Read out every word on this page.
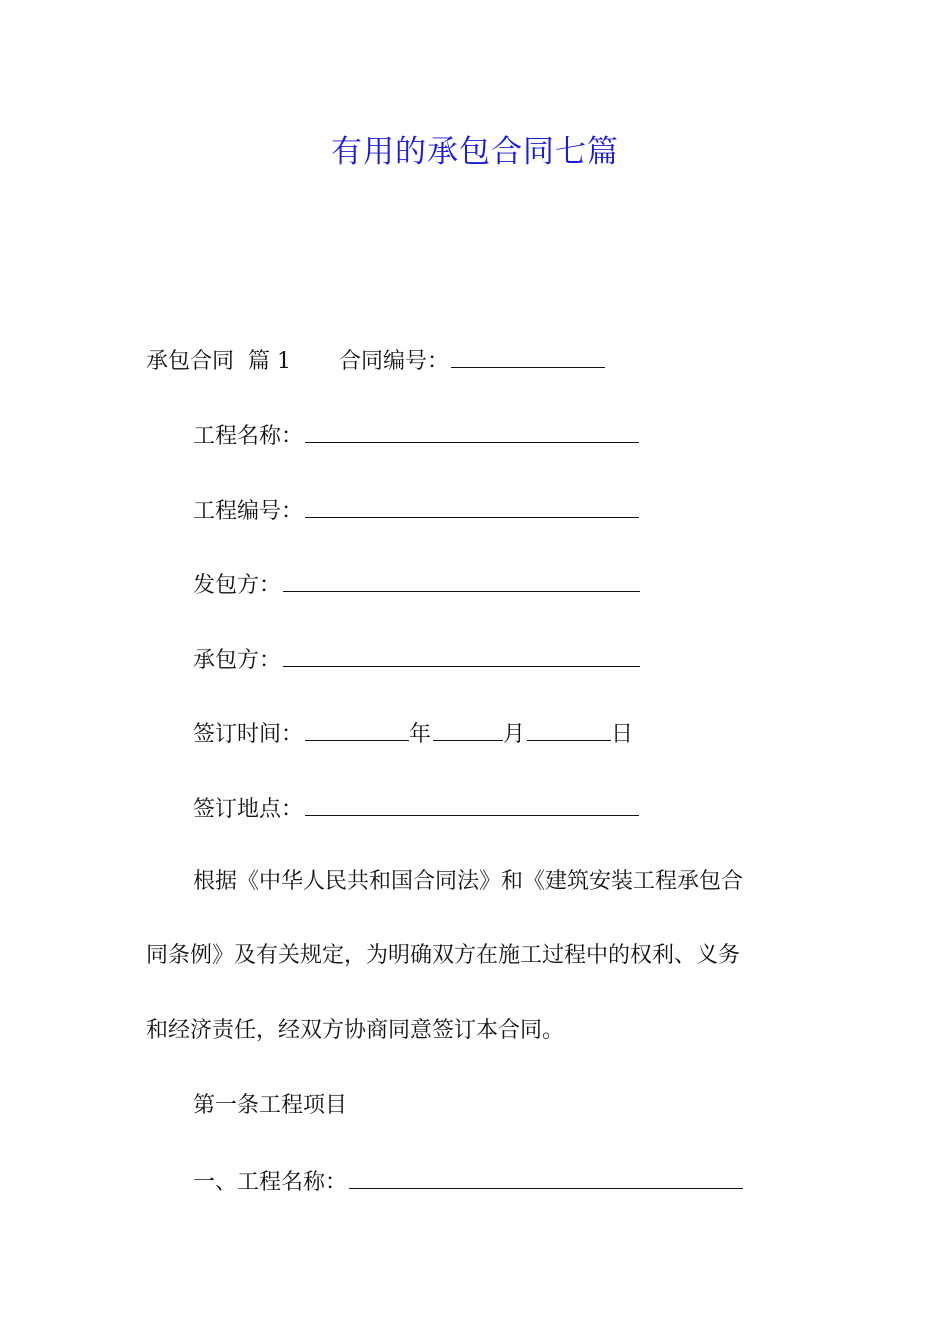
有用的承包合同七篇
承包合同 篇 1 合同编号：
工程名称：
工程编号：
发包方：
承包方：
签订时间：	年	月	日
签订地点：
根据《中华人民共和国合同法》和《建筑安装工程承包合
同条例》及有关规定，为明确双方在施工过程中的权利、义务
和经济责任，经双方协商同意签订本合同。
第一条工程项目
一、工程名称：
